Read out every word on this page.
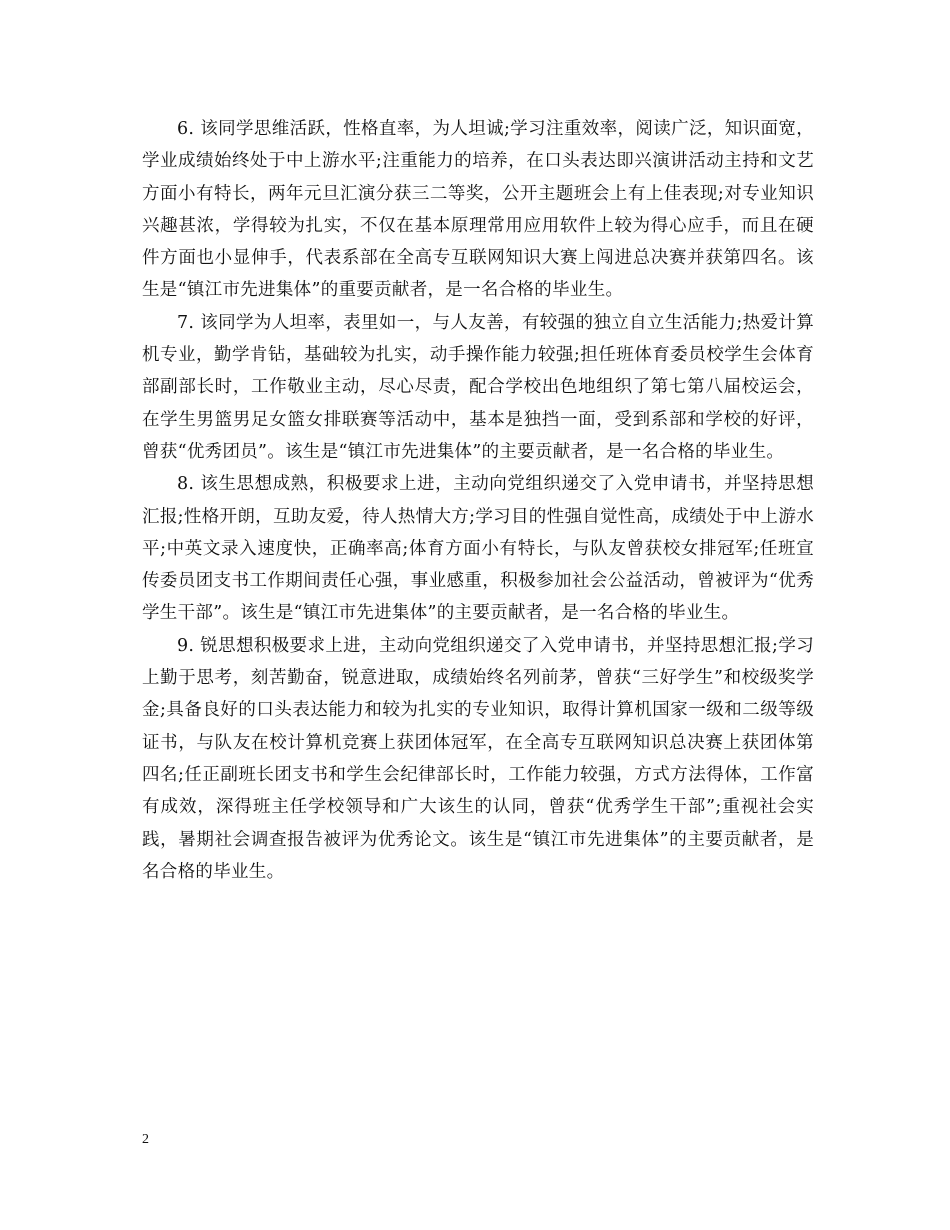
6. 该同学思维活跃，性格直率，为人坦诚;学习注重效率，阅读广泛，知识面宽，学业成绩始终处于中上游水平;注重能力的培养，在口头表达即兴演讲活动主持和文艺方面小有特长，两年元旦汇演分获三二等奖，公开主题班会上有上佳表现;对专业知识兴趣甚浓，学得较为扎实，不仅在基本原理常用应用软件上较为得心应手，而且在硬件方面也小显伸手，代表系部在全高专互联网知识大赛上闯进总决赛并获第四名。该生是“镇江市先进集体”的重要贡献者，是一名合格的毕业生。

7. 该同学为人坦率，表里如一，与人友善，有较强的独立自立生活能力;热爱计算机专业，勤学肯钻，基础较为扎实，动手操作能力较强;担任班体育委员校学生会体育部副部长时，工作敬业主动，尽心尽责，配合学校出色地组织了第七第八届校运会，在学生男篮男足女篮女排联赛等活动中，基本是独挡一面，受到系部和学校的好评，曾获“优秀团员”。该生是“镇江市先进集体”的主要贡献者，是一名合格的毕业生。

8. 该生思想成熟，积极要求上进，主动向党组织递交了入党申请书，并坚持思想汇报;性格开朗，互助友爱，待人热情大方;学习目的性强自觉性高，成绩处于中上游水平;中英文录入速度快，正确率高;体育方面小有特长，与队友曾获校女排冠军;任班宣传委员团支书工作期间责任心强，事业感重，积极参加社会公益活动，曾被评为“优秀学生干部”。该生是“镇江市先进集体”的主要贡献者，是一名合格的毕业生。

9. 锐思想积极要求上进，主动向党组织递交了入党申请书，并坚持思想汇报;学习上勤于思考，刻苦勤奋，锐意进取，成绩始终名列前茅，曾获“三好学生”和校级奖学金;具备良好的口头表达能力和较为扎实的专业知识，取得计算机国家一级和二级等级证书，与队友在校计算机竞赛上获团体冠军，在全高专互联网知识总决赛上获团体第四名;任正副班长团支书和学生会纪律部长时，工作能力较强，方式方法得体，工作富有成效，深得班主任学校领导和广大该生的认同，曾获“优秀学生干部”;重视社会实践，暑期社会调查报告被评为优秀论文。该生是“镇江市先进集体”的主要贡献者，是名合格的毕业生。

2
